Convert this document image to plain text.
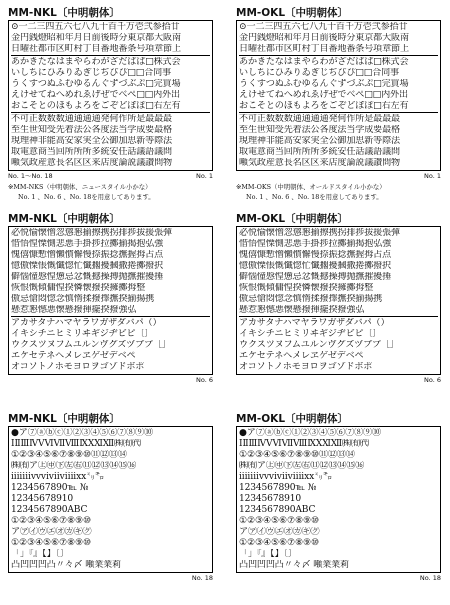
MM-NKL〔中明朝体〕
⊙一二三四五六七八九十百千万壱弐参拾廿
金円銭燈昭和年月日前後時分東京都大阪南
日曜社都市区町村丁目番地番条号項章節上
あかきたなはまやらわがざだばぱ□株式会
いしちにひみりゐぎじぢびぴ□□合同事
うくすつぬふむゆるんぐずづぶぷ□完買場
えけせてねへめれゑげぜでべぺ□□内外出
おこそとのほもよろをごぞどぼぽ□右左有
不可正数数数通通通通発何作所是最最最
至生世知受先着法公各度法当学成要最格
現理神非能高安家実全公御加思新等際法
取電意商当回所所所多統安任話議語議問
噸気政産意長名区区来店度論説議讃問物
No. 1～No. 18	No. 1
※MM-NKS（中明朝体、ニュースタイル小かな）
No. 1 、No. 6 、No. 18を用意してあります。
MM-OKL〔中明朝体〕
⊙一二三四五六七八九十百千万壱弐参拾廿
金円銭燈昭和年月日前後時分東京都大阪南
日曜社都市区町村丁目番地番条号項章節上
あかきたなはまやらわがざだばぱ□株式会
いしちにひみりゐぎじぢびぴ□□合同事
うくすつぬふむゆるんぐずづぶぷ□完買場
えけせてねへめれゑげぜでべぺ□□内外出
おこそとのほもよろをごぞどぼぽ□右左有
不可正数数数通通通通発何作所是最最最
至生世知受先着法公各度法当学成要最格
現理神非能高安家実全公御加思新等際法
取電意商当回所所所多統安任話議語議問
噸気政産意長名区区来店度論説議讃問物
No. 1
※MM-OKS（中明朝体、オールドスタイル小かな）
No. 1 、No. 6 、No. 18を用意してあります。
MM-NKL〔中明朝体〕
必悦愉懐憎忽懲懇揃擦携拐排捗拔援張彈
惜悟惶慄惻悲悪手掛捗拉擲揃揭抱弘強
愧僖慷慙憎懶慣懈慢捺振捻撫握拇占点
憶傲慄悵慨懺惚忙懺擱擾摑撒捲擲撥択
僻惱憧慇惶憊忌忿慨撼操搏抛撫摧擾捶
恢恨慨傾傭惶揆憐懐撥揆擁擲拇整
傲忌愴悶惚念慎惰揉撥擇撫揆揃揚携
懸惹懇憾悪懐懸撥揮擺揆撥強弘
アカサタナハマヤラワガザダバパ（）
イキシチニヒミリヰギジヂビピ〔〕
ウクスツヌフムユルンヴグズヅブプ［］
エケセテネヘメレヱゲゼデベペ
オコソトノホモヨロヲゴゾドボポ
No. 6
MM-OKL〔中明朝体〕
必悦愉懐憎忽懲懇揃擦携拐排捗拔援張彈
惜悟惶慄惻悲悪手掛捗拉擲揃揭抱弘強
愧僖慷慙憎懶慣懈慢捺振捻撫握拇占点
憶傲慄悵慨懺惚忙懺擱擾摑撒捲擲撥択
僻惱憧慇惶憊忌忿慨撼操搏抛撫摧擾捶
恢恨慨傾傭惶揆憐懐撥揆擁擲拇整
傲忌愴悶惚念慎惰揉撥擇撫揆揃揚携
懸惹懇憾悪懐懸撥揮擺揆撥強弘
アカサタナハマヤラワガザダバパ（）
イキシチニヒミリヰギジヂビピ〔〕
ウクスツヌフムユルンヴグズヅブプ［］
エケセテネヘメレヱゲゼデベペ
オコソトノホモヨロヲゴゾドボポ
No. 6
MM-NKL〔中明朝体〕
●ア⑦ⓐⓑⓒ①②③④⑤⑥⑦⑧⑨⑩
ⅠⅡⅢⅣⅤⅥⅦⅧⅨⅩⅪⅫ㈱㈲㈹
①②③④⑤⑥⑦⑧⑨⑩⑪⑫⑬⑭
㈱㈲ア㊤㊥㊦㊧㊨⑪⑫⑬⑭⑮⑯
ⅰⅱⅲⅳⅴⅵⅶⅷⅸⅹ㍉㌔
1234567890℡ №
12345678910
1234567890ABC
①②③④⑤⑥⑦⑧⑨⑩
ア㋐㋑㋒㋓㋔㋕㋖㋗
①②③④⑤⑥⑦⑧⑨⑩
「」『』【】〔〕
凸凹凹凹凸〃々〆 噸業業莉
No. 18
MM-OKL〔中明朝体〕
●ア⑦ⓐⓑⓒ①②③④⑤⑥⑦⑧⑨⑩
ⅠⅡⅢⅣⅤⅥⅦⅧⅨⅩⅪⅫ㈱㈲㈹
①②③④⑤⑥⑦⑧⑨⑩⑪⑫⑬⑭
㈱㈲ア㊤㊥㊦㊧㊨⑪⑫⑬⑭⑮⑯
ⅰⅱⅲⅳⅴⅵⅶⅷⅸⅹ㍉㌔
1234567890℡ №
12345678910
1234567890ABC
①②③④⑤⑥⑦⑧⑨⑩
ア㋐㋑㋒㋓㋔㋕㋖㋗
①②③④⑤⑥⑦⑧⑨⑩
「」『』【】〔〕
凸凹凹凹凸〃々〆 噸業業莉
No. 18
